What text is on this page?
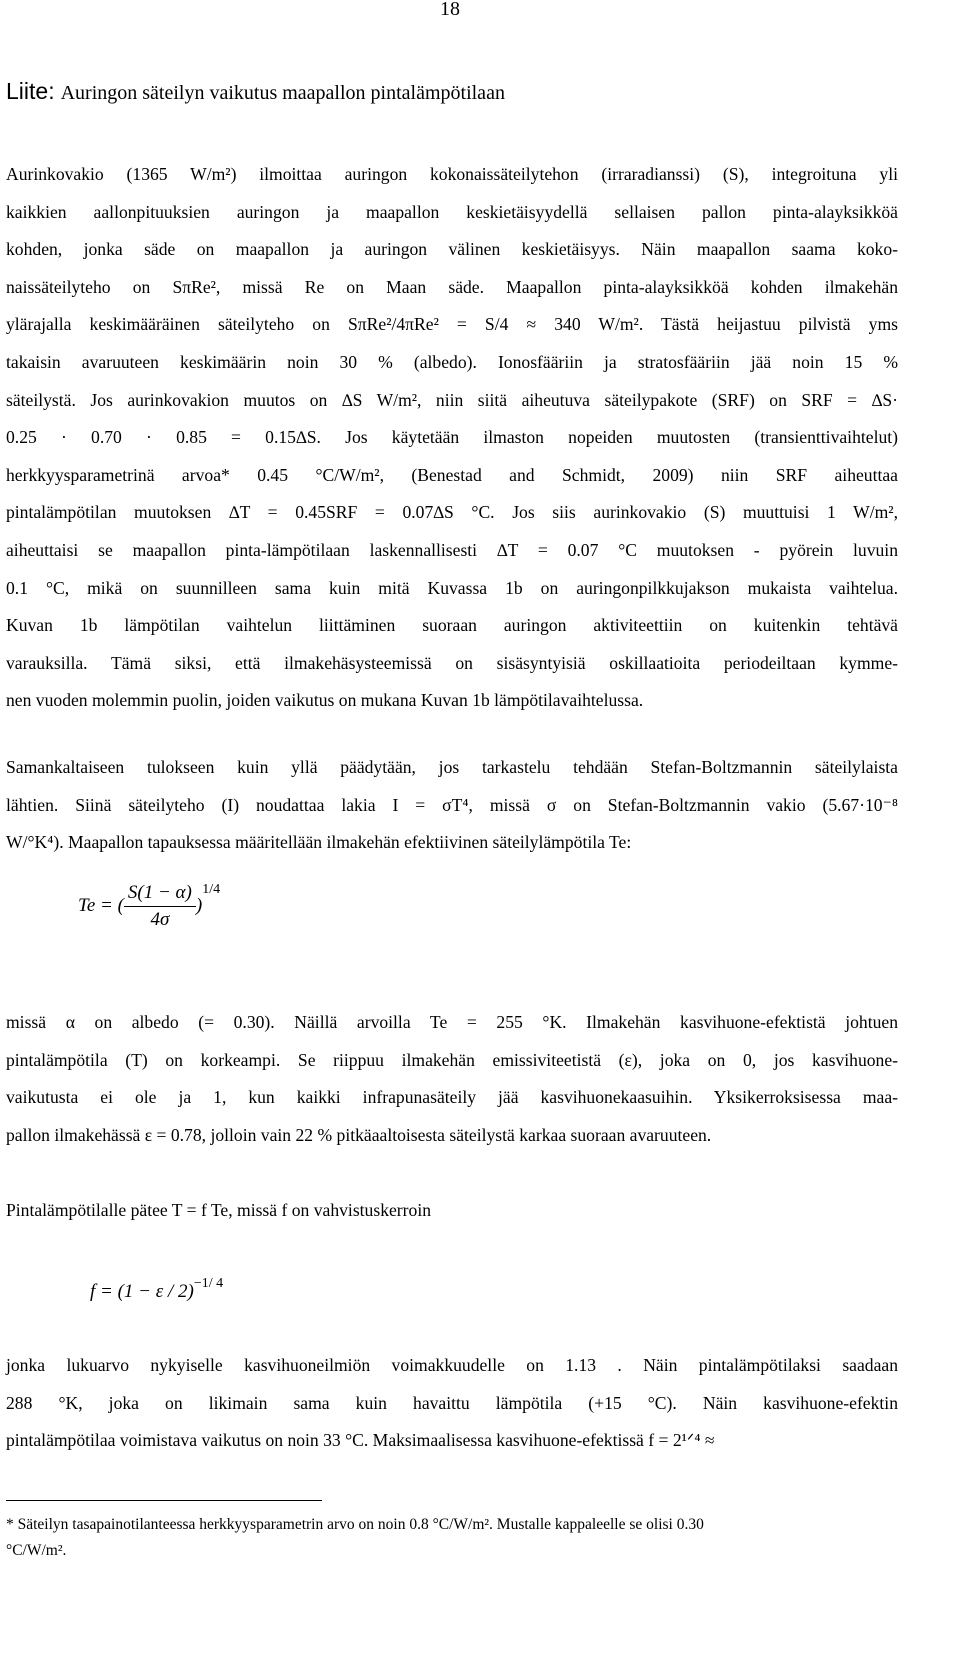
18
Liite: Auringon säteilyn vaikutus maapallon pintalämpötilaan
Aurinkovakio (1365 W/m²) ilmoittaa auringon kokonaissäteilytehon (irraradianssi) (S), integroituna yli
kaikkien aallonpituuksien auringon ja maapallon keskietäisyydellä sellaisen pallon pinta-alayksikköä
kohden, jonka säde on maapallon ja auringon välinen keskietäisyys. Näin maapallon saama koko-
naissäteilyteho on SπRe², missä Re on Maan säde. Maapallon pinta-alayksikköä kohden ilmakehän
ylärajalla keskimääräinen säteilyteho on SπRe²/4πRe² = S/4 ≈ 340 W/m². Tästä heijastuu pilvistä yms
takaisin avaruuteen keskimäärin noin 30 % (albedo). Ionosfääriin ja stratosfääriin jää noin 15 %
säteilystä. Jos aurinkovakion muutos on ∆S W/m², niin siitä aiheutuva säteilypakote (SRF) on SRF = ∆S·
0.25 · 0.70 · 0.85 = 0.15∆S. Jos käytetään ilmaston nopeiden muutosten (transienttivaihtelut)
herkkyysparametrinä arvoa* 0.45 °C/W/m², (Benestad and Schmidt, 2009) niin SRF aiheuttaa
pintalämpötilan muutoksen ∆T = 0.45SRF = 0.07∆S °C. Jos siis aurinkovakio (S) muuttuisi 1 W/m²,
aiheuttaisi se maapallon pinta-lämpötilaan laskennallisesti ∆T = 0.07 °C muutoksen - pyörein luvuin
0.1 °C, mikä on suunnilleen sama kuin mitä Kuvassa 1b on auringonpilkkujakson mukaista vaihtelua.
Kuvan 1b lämpötilan vaihtelun liittäminen suoraan auringon aktiviteettiin on kuitenkin tehtävä
varauksilla. Tämä siksi, että ilmakehäsysteemissä on sisäsyntyisiä oskillaatioita periodeiltaan kymme-
nen vuoden molemmin puolin, joiden vaikutus on mukana Kuvan 1b lämpötilavaihtelussa.
Samankaltaiseen tulokseen kuin yllä päädytään, jos tarkastelu tehdään Stefan-Boltzmannin säteilylaista
lähtien. Siinä säteilyteho (I) noudattaa lakia I = σT⁴, missä σ on Stefan-Boltzmannin vakio (5.67·10⁻⁸
W/°K⁴). Maapallon tapauksessa määritellään ilmakehän efektiivinen säteilylämpötila Te:
Te = ( $\frac{S(1 - \alpha)}{4\sigma} )^{1/4}$
missä α on albedo (= 0.30). Näillä arvoilla Te = 255 °K. Ilmakehän kasvihuone-efektistä johtuen
pintalämpötila (T) on korkeampi. Se riippuu ilmakehän emissiviteetistä (ε), joka on 0, jos kasvihuone-
vaikutusta ei ole ja 1, kun kaikki infrapunasäteily jää kasvihuonekaasuihin. Yksikerroksisessa maa-
pallon ilmakehässä ε = 0.78, jolloin vain 22 % pitkäaaltoisesta säteilystä karkaa suoraan avaruuteen.
Pintalämpötilalle pätee T = f Te, missä f on vahvistuskerroin
$f = (1 - \varepsilon / 2)^{-1/ 4}$
jonka lukuarvo nykyiselle kasvihuoneilmiön voimakkuudelle on 1.13 . Näin pintalämpötilaksi saadaan
288 °K, joka on likimain sama kuin havaittu lämpötila (+15 °C). Näin kasvihuone-efektin
pintalämpötilaa voimistava vaikutus on noin 33 °C. Maksimaalisessa kasvihuone-efektissä f = 2¹ᐟ⁴ ≈
* Säteilyn tasapainotilanteessa herkkyysparametrin arvo on noin 0.8 °C/W/m². Mustalle kappaleelle se olisi 0.30
°C/W/m².
